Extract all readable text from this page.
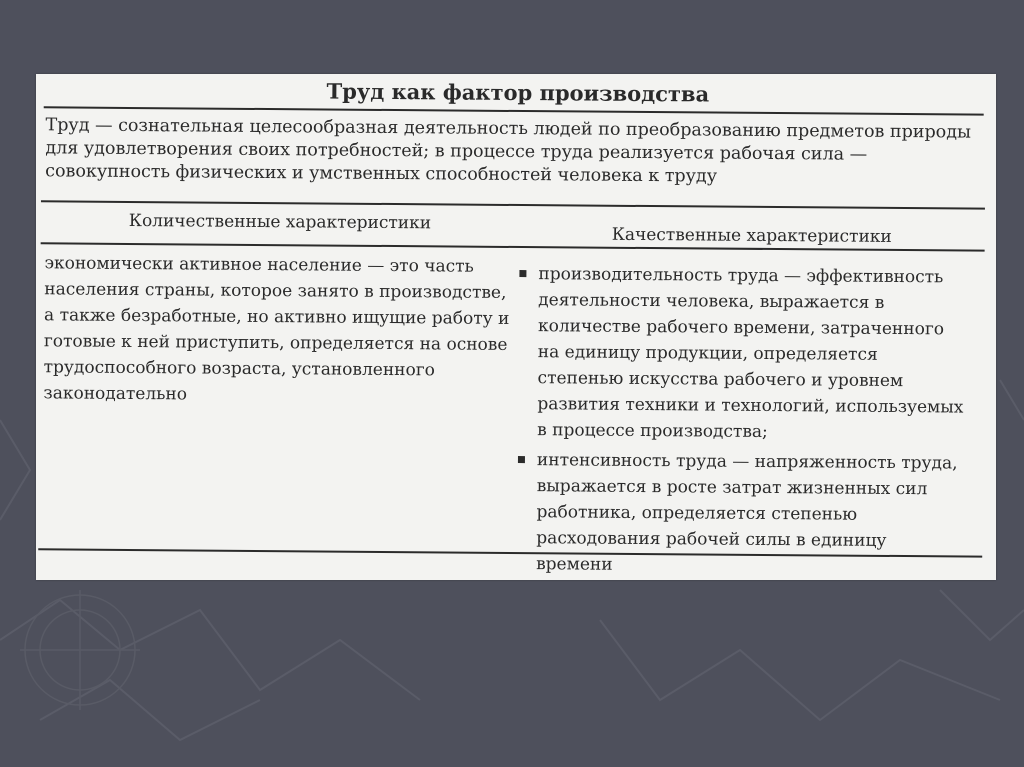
Труд как фактор производства
Труд — сознательная целесообразная деятельность людей по преобразованию предметов природы для удовлетворения своих потребностей; в процессе труда реализуется рабочая сила — совокупность физических и умственных способностей человека к труду
Количественные характеристики
Качественные характеристики
экономически активное население — это часть населения страны, которое занято в производстве, а также безработные, но активно ищущие работу и готовые к ней приступить, определяется на основе трудоспособного возраста, установленного законодательно
производительность труда — эффективность деятельности человека, выражается в количестве рабочего времени, затраченного на единицу продукции, определяется степенью искусства рабочего и уровнем развития техники и технологий, используемых в процессе производства;
интенсивность труда — напряженность труда, выражается в росте затрат жизненных сил работника, определяется степенью расходования рабочей силы в единицу времени
